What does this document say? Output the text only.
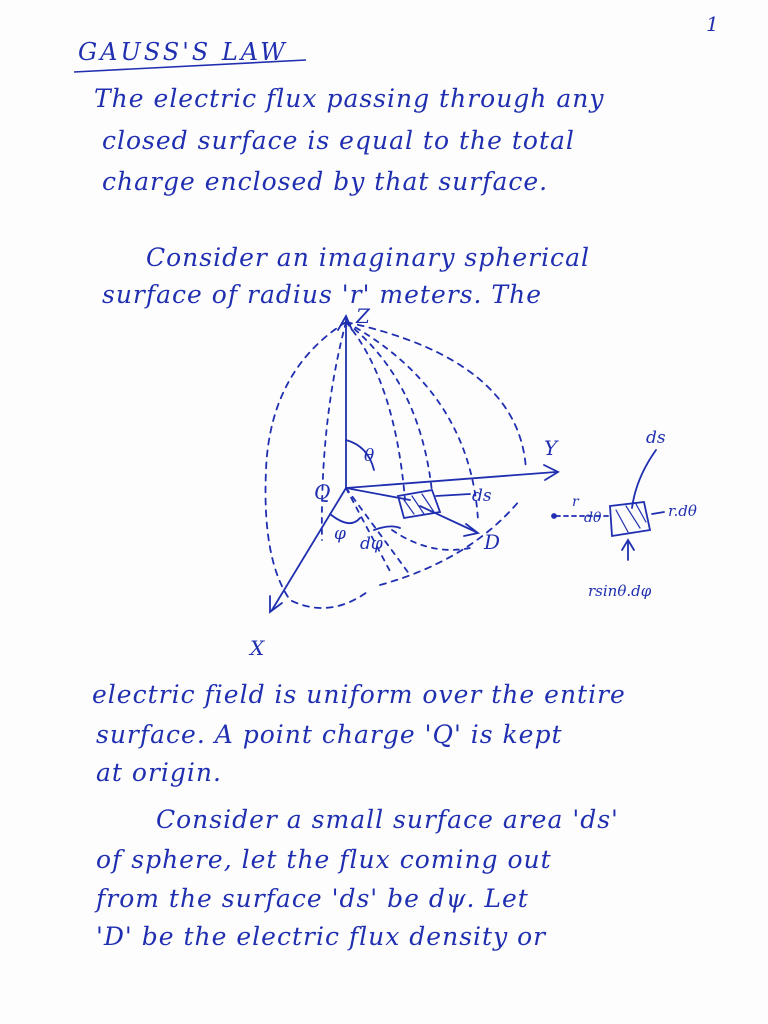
1
GAUSS'S LAW
The electric flux passing through any
closed surface is equal to the total
charge enclosed by that surface.
Consider an imaginary spherical
surface of radius 'r' meters. The
Z
Y
X
Q
θ
φ dφ
ds
D
ds
r
dθ	r.dθ
rsinθ.dφ
electric field is uniform over the entire
surface. A point charge 'Q' is kept
at origin.
Consider a small surface area 'ds'
of sphere, let the flux coming out
from the surface 'ds' be dψ. Let
'D' be the electric flux density or
